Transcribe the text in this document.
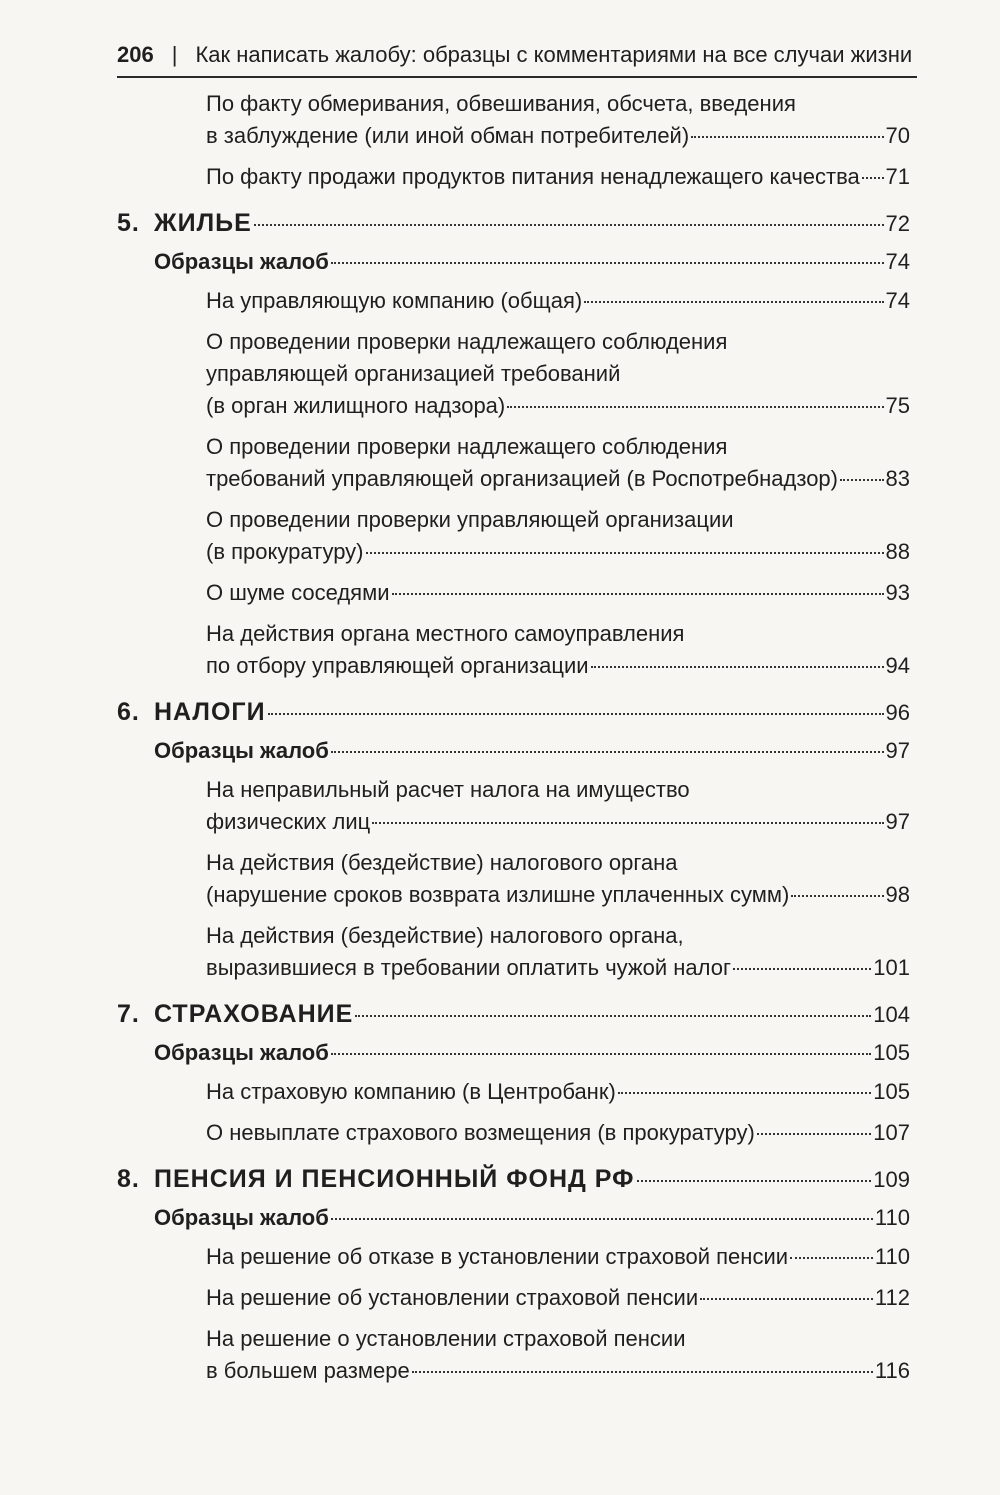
206 | Как написать жалобу: образцы с комментариями на все случаи жизни
По факту обмеривания, обвешивания, обсчета, введения
в заблуждение (или иной обман потребителей)	70
По факту продажи продуктов питания ненадлежащего качества 71
5. ЖИЛЬЕ	72
Образцы жалоб	74
На управляющую компанию (общая)	74
О проведении проверки надлежащего соблюдения
управляющей организацией требований
(в орган жилищного надзора)	75
О проведении проверки надлежащего соблюдения
требований управляющей организацией (в Роспотребнадзор) 83
О проведении проверки управляющей организации
(в прокуратуру)	88
О шуме соседями	93
На действия органа местного самоуправления
по отбору управляющей организации	94
6. НАЛОГИ	96
Образцы жалоб	97
На неправильный расчет налога на имущество
физических лиц	97
На действия (бездействие) налогового органа
(нарушение сроков возврата излишне уплаченных сумм)	98
На действия (бездействие) налогового органа,
выразившиеся в требовании оплатить чужой налог	101
7. СТРАХОВАНИЕ	104
Образцы жалоб	105
На страховую компанию (в Центробанк)	105
О невыплате страхового возмещения (в прокуратуру)	107
8. ПЕНСИЯ И ПЕНСИОННЫЙ ФОНД РФ	109
Образцы жалоб	110
На решение об отказе в установлении страховой пенсии	110
На решение об установлении страховой пенсии	112
На решение о установлении страховой пенсии
в большем размере	116
